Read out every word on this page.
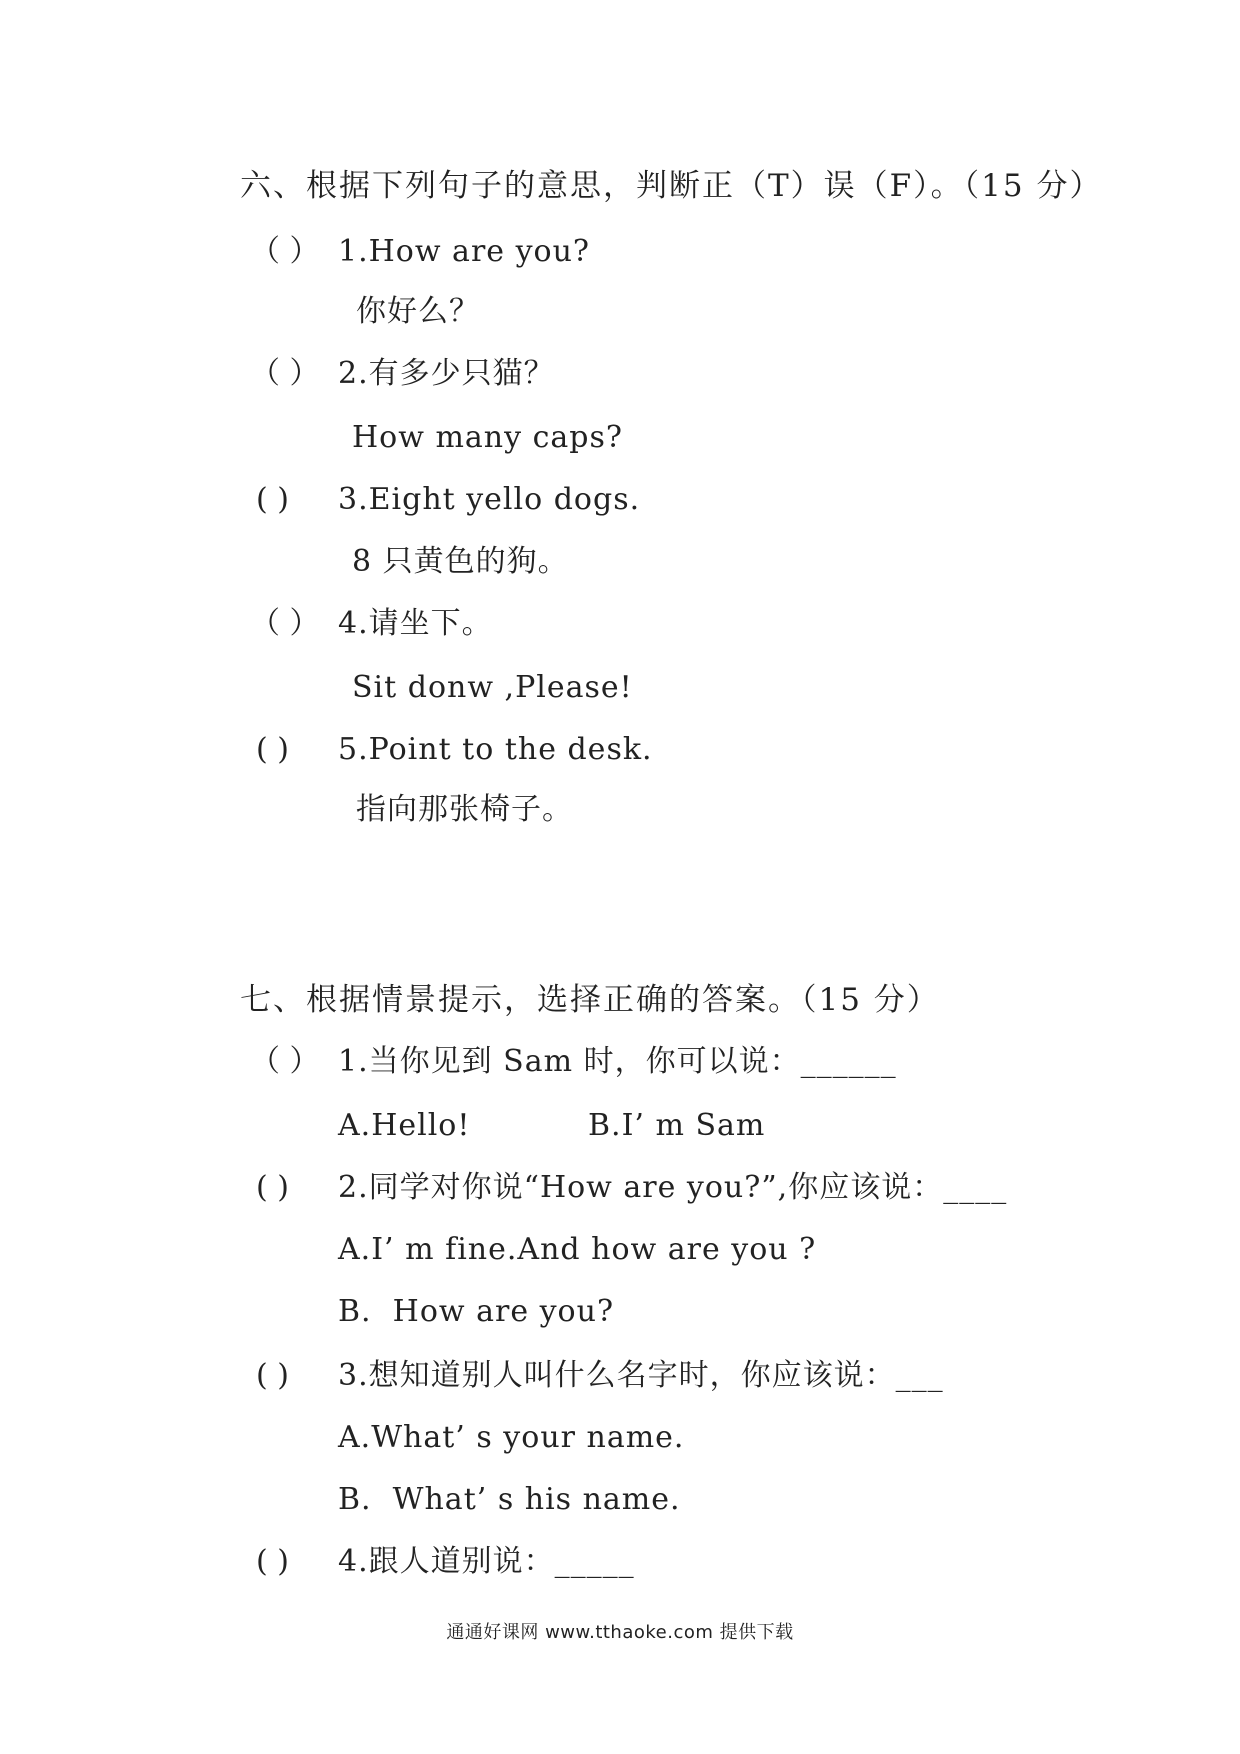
六、根据下列句子的意思，判断正（T）误（F）。（15 分）
（ ） 1.How are you?
你好么？
（ ） 2.有多少只猫？
How many caps?
( ) 3.Eight yello dogs.
8 只黄色的狗。
（ ） 4.请坐下。
Sit donw ,Please!
( ) 5.Point to the desk.
指向那张椅子。
七、根据情景提示，选择正确的答案。（15 分）
（ ） 1.当你见到 Sam 时，你可以说：______
A.Hello!	B.I’ m Sam
( ) 2.同学对你说“How are you?”,你应该说：____
A.I’ m fine.And how are you ?
B.  How are you?
( ) 3.想知道别人叫什么名字时，你应该说：___
A.What’ s your name.
B.  What’ s his name.
( ) 4.跟人道别说：_____
通通好课网 www.tthaoke.com 提供下载
